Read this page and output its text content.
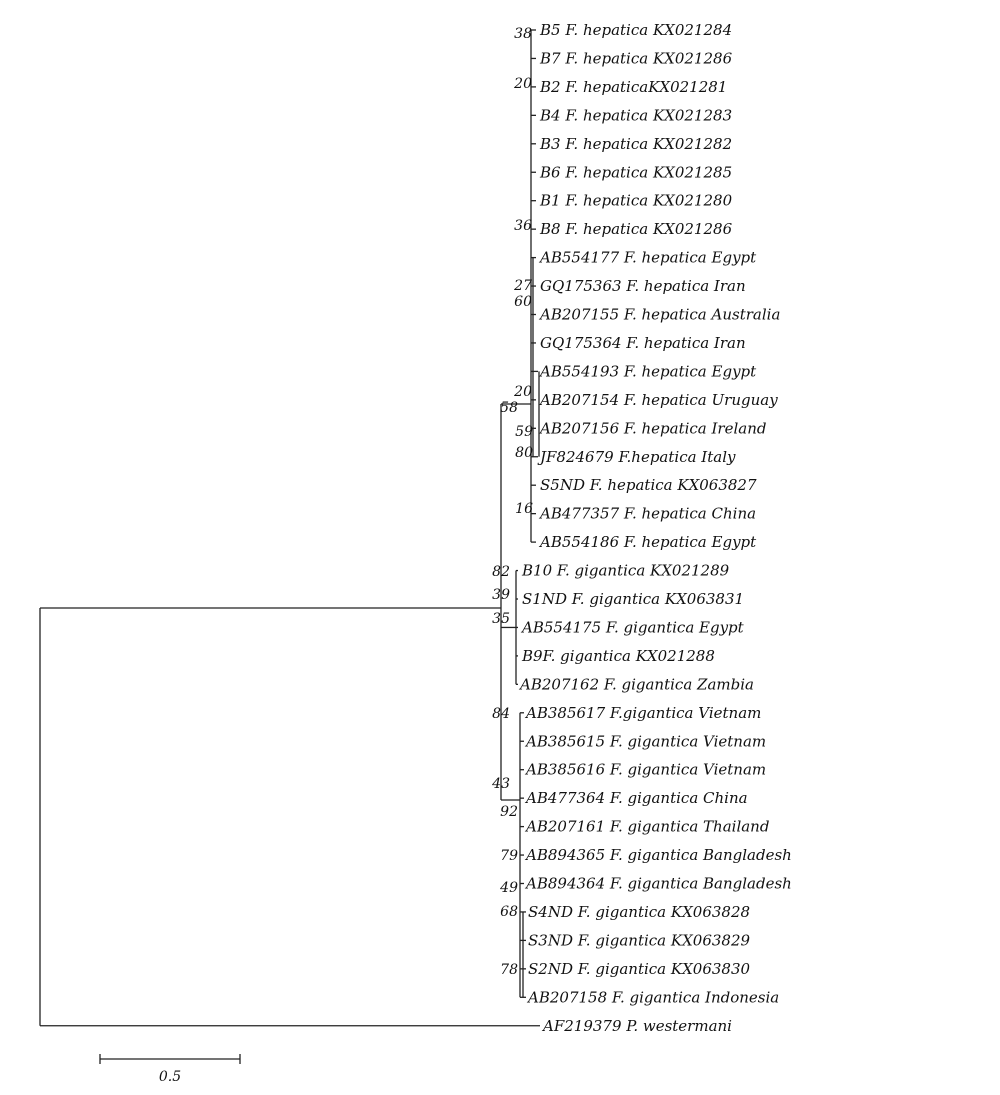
B5 F. hepatica KX021284
B7 F. hepatica KX021286
B2 F. hepaticaKX021281
B4 F. hepatica KX021283
B3 F. hepatica KX021282
B6 F. hepatica KX021285
B1 F. hepatica KX021280
B8 F. hepatica KX021286
AB554177 F. hepatica Egypt
GQ175363 F. hepatica Iran
AB207155 F. hepatica Australia
GQ175364 F. hepatica Iran
AB554193 F. hepatica Egypt
AB207154 F. hepatica Uruguay
AB207156 F. hepatica Ireland
JF824679 F.hepatica Italy
S5ND F. hepatica KX063827
AB477357 F. hepatica China
AB554186 F. hepatica Egypt
B10 F. gigantica KX021289
S1ND F. gigantica KX063831
AB554175 F. gigantica Egypt
B9F. gigantica KX021288
AB207162 F. gigantica Zambia
AB385617 F.gigantica Vietnam
AB385615 F. gigantica Vietnam
AB385616 F. gigantica Vietnam
AB477364 F. gigantica China
AB207161 F. gigantica Thailand
AB894365 F. gigantica Bangladesh
AB894364 F. gigantica Bangladesh
S4ND F. gigantica KX063828
S3ND F. gigantica KX063829
S2ND F. gigantica KX063830
AB207158 F. gigantica Indonesia
AF219379 P. westermani
38
20
36
27
60
20
58
59
80
16
82
39
35
84
43
92
79
49
68
78
0.5
